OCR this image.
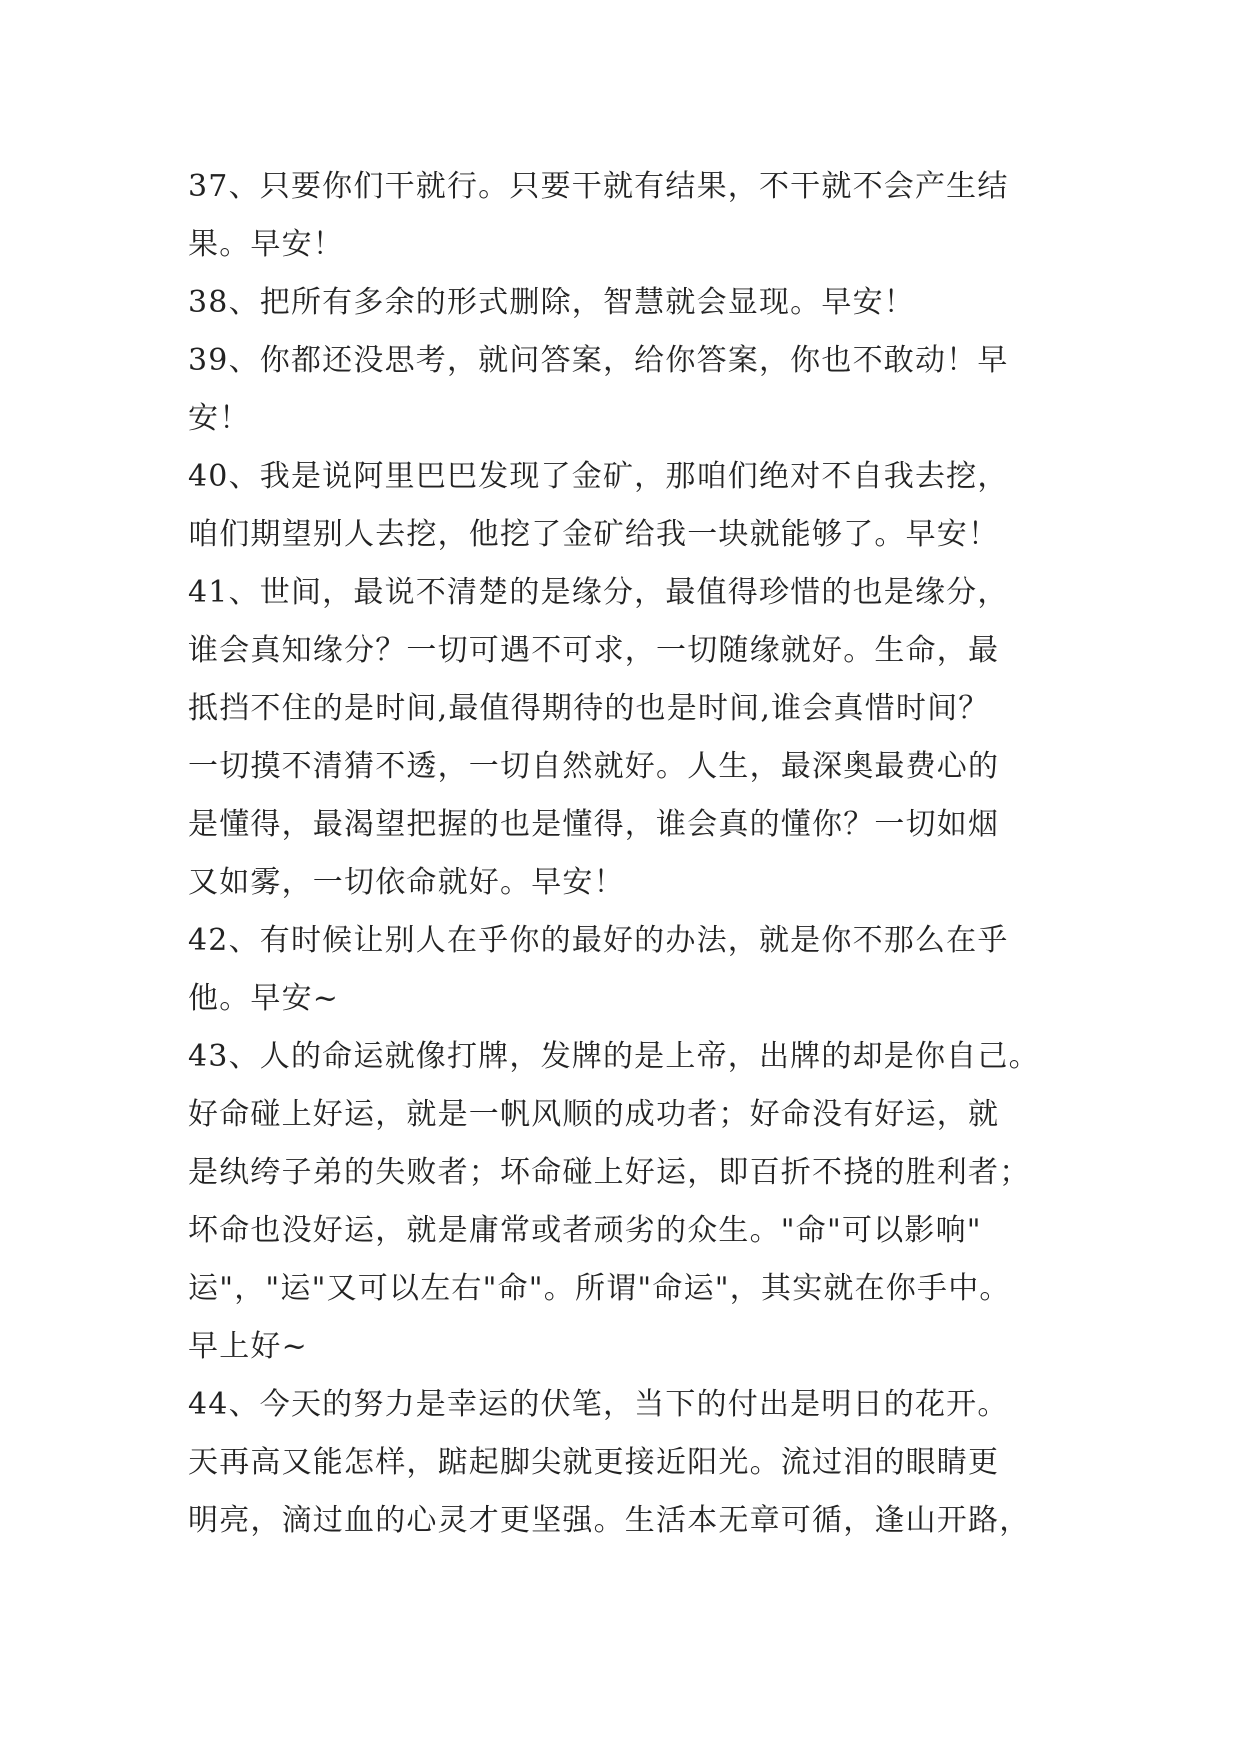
37、只要你们干就行。只要干就有结果，不干就不会产生结
果。早安！
38、把所有多余的形式删除，智慧就会显现。早安！
39、你都还没思考，就问答案，给你答案，你也不敢动！早
安！
40、我是说阿里巴巴发现了金矿，那咱们绝对不自我去挖，
咱们期望别人去挖，他挖了金矿给我一块就能够了。早安！
41、世间，最说不清楚的是缘分，最值得珍惜的也是缘分，
谁会真知缘分？一切可遇不可求，一切随缘就好。生命，最
抵挡不住的是时间,最值得期待的也是时间,谁会真惜时间？
一切摸不清猜不透，一切自然就好。人生，最深奥最费心的
是懂得，最渴望把握的也是懂得，谁会真的懂你？一切如烟
又如雾，一切依命就好。早安！
42、有时候让别人在乎你的最好的办法，就是你不那么在乎
他。早安~
43、人的命运就像打牌，发牌的是上帝，出牌的却是你自己。
好命碰上好运，就是一帆风顺的成功者；好命没有好运，就
是纨绔子弟的失败者；坏命碰上好运，即百折不挠的胜利者；
坏命也没好运，就是庸常或者顽劣的众生。"命"可以影响"
运"，"运"又可以左右"命"。所谓"命运"，其实就在你手中。
早上好~
44、今天的努力是幸运的伏笔，当下的付出是明日的花开。
天再高又能怎样，踮起脚尖就更接近阳光。流过泪的眼睛更
明亮，滴过血的心灵才更坚强。生活本无章可循，逢山开路，
